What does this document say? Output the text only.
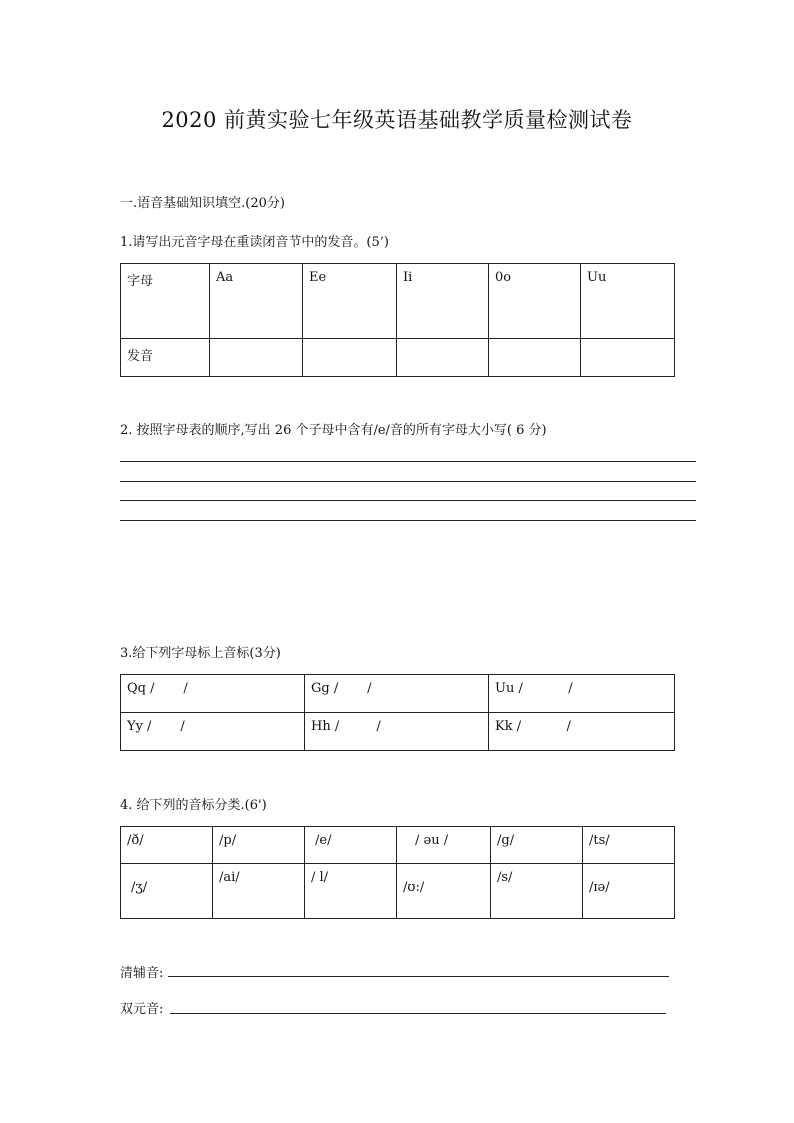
2020 前黄实验七年级英语基础教学质量检测试卷
一.语音基础知识填空.(20分)
1.请写出元音字母在重读闭音节中的发音。(5’)
字母	Aa	Ee	Ii	0o	Uu
发音					
2. 按照字母表的顺序,写出 26 个子母中含有/e/音的所有字母大小写( 6 分)
3.给下列字母标上音标(3分)
Qq /       /	Gg /       /	Uu /           /
Yy /       /	Hh /         /	Kk /           /
4. 给下列的音标分类.(6')
/ð/	/p/	/e/	/ əu /	/g/	/ts/
/ʒ/	/ai/	/ l/	/ʊ:/	/s/	/ɪə/
清辅音:
双元音:
